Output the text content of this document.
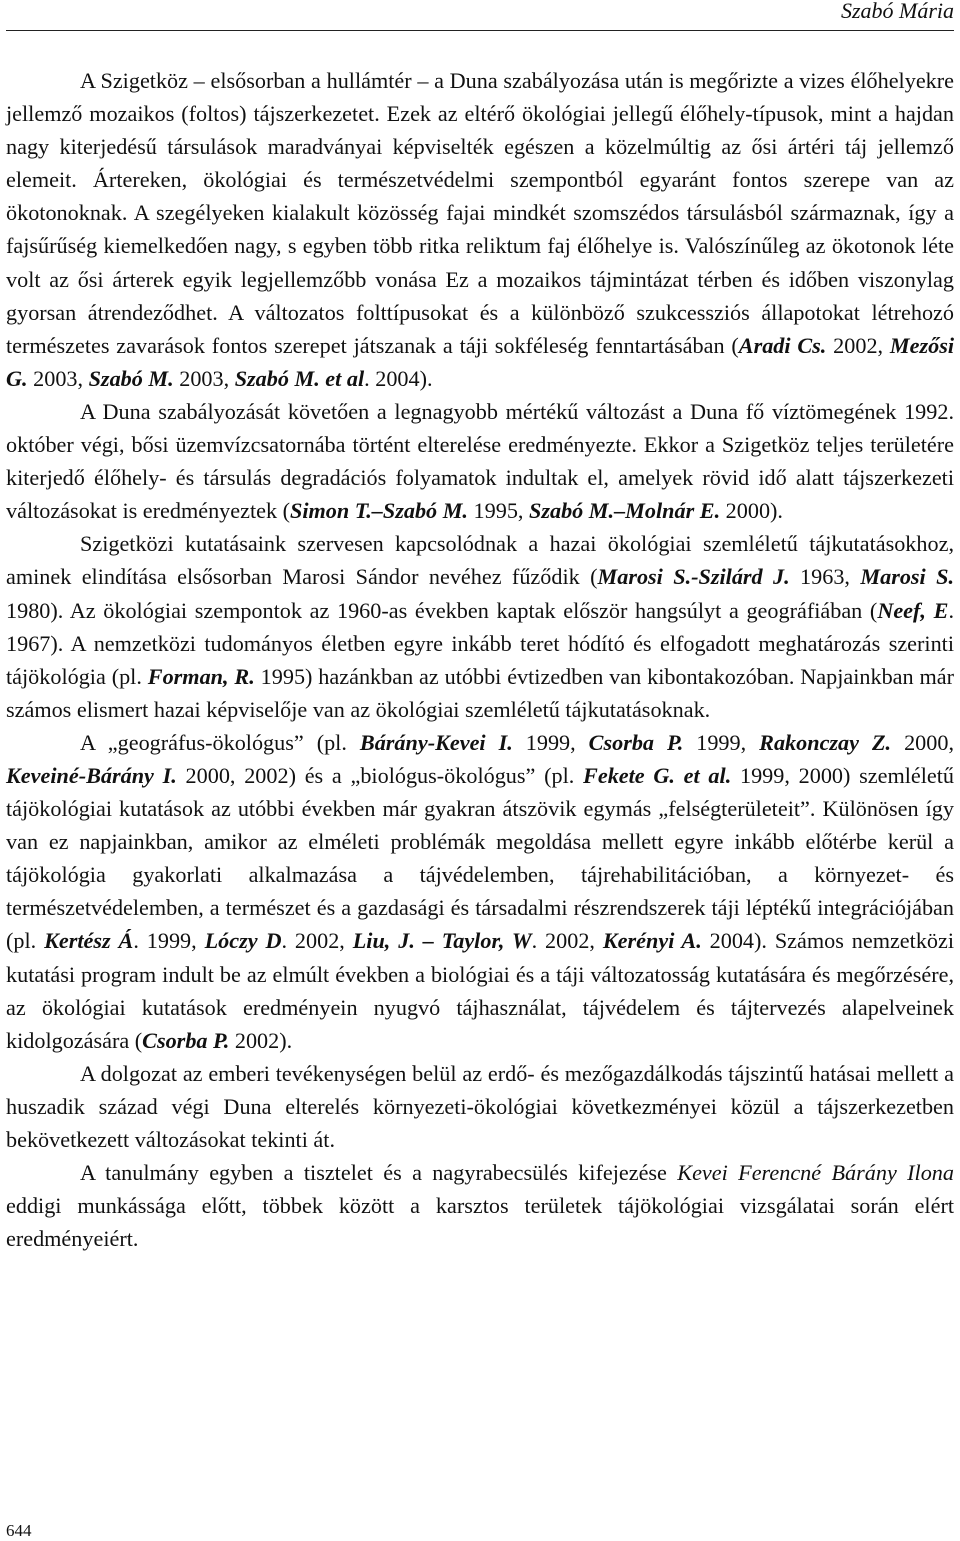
Szabó Mária

A Szigetköz – elsősorban a hullámtér – a Duna szabályozása után is megőrizte a vizes élőhelyekre jellemző mozaikos (foltos) tájszerkezetet. Ezek az eltérő ökológiai jellegű élőhely-típusok, mint a hajdan nagy kiterjedésű társulások maradványai képviselték egészen a közelmúltig az ősi ártéri táj jellemző elemeit. Ártereken, ökológiai és természetvédelmi szempontból egyaránt fontos szerepe van az ökotonoknak. A szegélyeken kialakult közösség fajai mindkét szomszédos társulásból származnak, így a fajsűrűség kiemelkedően nagy, s egyben több ritka reliktum faj élőhelye is. Valószínűleg az ökotonok léte volt az ősi árterek egyik legjellemzőbb vonása Ez a mozaikos tájmintázat térben és időben viszonylag gyorsan átrendeződhet. A változatos folttípusokat és a különböző szukcessziós állapotokat létrehozó természetes zavarások fontos szerepet játszanak a táji sokféleség fenntartásában (Aradi Cs. 2002, Mezősi G. 2003, Szabó M. 2003, Szabó M. et al. 2004).

A Duna szabályozását követően a legnagyobb mértékű változást a Duna fő víztömegének 1992. október végi, bősi üzemvízcsatornába történt elterelése eredményezte. Ekkor a Szigetköz teljes területére kiterjedő élőhely- és társulás degradációs folyamatok indultak el, amelyek rövid idő alatt tájszerkezeti változásokat is eredményeztek (Simon T.–Szabó M. 1995, Szabó M.–Molnár E. 2000).

Szigetközi kutatásaink szervesen kapcsolódnak a hazai ökológiai szemléletű tájkutatásokhoz, aminek elindítása elsősorban Marosi Sándor nevéhez fűződik (Marosi S.-Szilárd J. 1963, Marosi S. 1980). Az ökológiai szempontok az 1960-as években kaptak először hangsúlyt a geográfiában (Neef, E. 1967). A nemzetközi tudományos életben egyre inkább teret hódító és elfogadott meghatározás szerinti tájökológia (pl. Forman, R. 1995) hazánkban az utóbbi évtizedben van kibontakozóban. Napjainkban már számos elismert hazai képviselője van az ökológiai szemléletű tájkutatásoknak.

A „geográfus-ökológus” (pl. Bárány-Kevei I. 1999, Csorba P. 1999, Rakonczay Z. 2000, Keveiné-Bárány I. 2000, 2002) és a „biológus-ökológus” (pl. Fekete G. et al. 1999, 2000) szemléletű tájökológiai kutatások az utóbbi években már gyakran átszövik egymás „felségterületeit”. Különösen így van ez napjainkban, amikor az elméleti problémák megoldása mellett egyre inkább előtérbe kerül a tájökológia gyakorlati alkalmazása a tájvédelemben, tájrehabilitációban, a környezet- és természetvédelemben, a természet és a gazdasági és társadalmi részrendszerek táji léptékű integrációjában (pl. Kertész Á. 1999, Lóczy D. 2002, Liu, J. – Taylor, W. 2002, Kerényi A. 2004). Számos nemzetközi kutatási program indult be az elmúlt években a biológiai és a táji változatosság kutatására és megőrzésére, az ökológiai kutatások eredményein nyugvó tájhasználat, tájvédelem és tájtervezés alapelveinek kidolgozására (Csorba P. 2002).

A dolgozat az emberi tevékenységen belül az erdő- és mezőgazdálkodás tájszintű hatásai mellett a huszadik század végi Duna elterelés környezeti-ökológiai következményei közül a tájszerkezetben bekövetkezett változásokat tekinti át.

A tanulmány egyben a tisztelet és a nagyrabecsülés kifejezése Kevei Ferencné Bárány Ilona eddigi munkássága előtt, többek között a karsztos területek tájökológiai vizsgálatai során elért eredményeiért.

644
